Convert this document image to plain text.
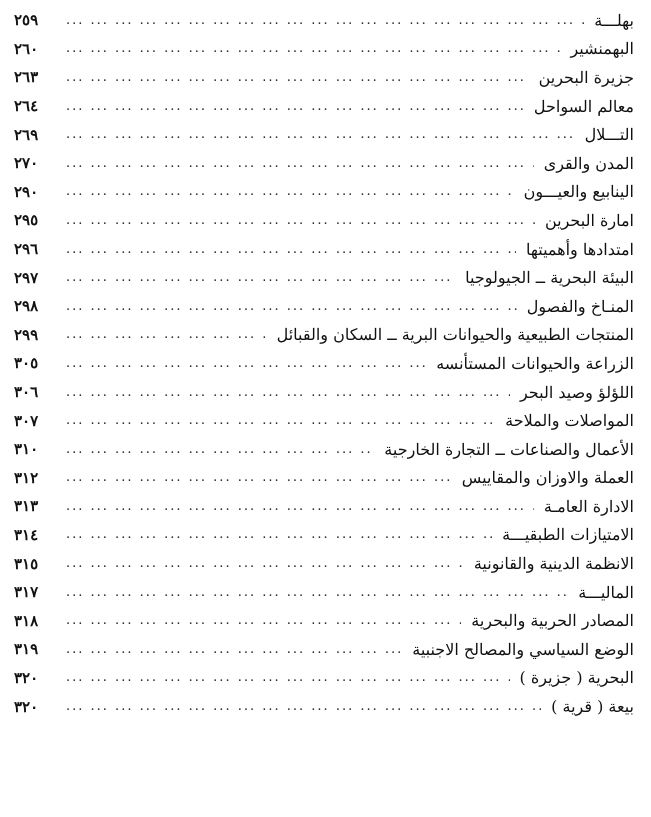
بهلـــة
...
٢٥٩
البهمنشير
...
٢٦٠
جزيرة البحرين
...
٢٦٣
معالم السواحل
...
٢٦٤
التـــلال
...
٢٦٩
المدن والقرى
...
٢٧٠
الينابيع والعيـــون
...
٢٩٠
امارة البحرين
...
٢٩٥
امتدادها وأهميتها
...
٢٩٦
البيئة البحرية ــ الجيولوجيا
...
٢٩٧
المنـاخ والفصول
...
٢٩٨
المنتجات الطبيعية والحيوانات البرية ــ السكان والقبائل
...
٢٩٩
الزراعة والحيوانات المستأنسه
...
٣٠٥
اللؤلؤ وصيد البحر
...
٣٠٦
المواصلات والملاحة
...
٣٠٧
الأعمال والصناعات ــ التجارة الخارجية
...
٣١٠
العملة والاوزان والمقاييس
...
٣١٢
الادارة العامـة
...
٣١٣
الامتيازات الطبقيـــة
...
٣١٤
الانظمة الدينية والقانونية
...
٣١٥
الماليـــة
...
٣١٧
المصادر الحربية والبحرية
...
٣١٨
الوضع السياسي والمصالح الاجنبية
...
٣١٩
البحرية ( جزيرة )
...
٣٢٠
بيعة ( قرية )
...
٣٢٠
